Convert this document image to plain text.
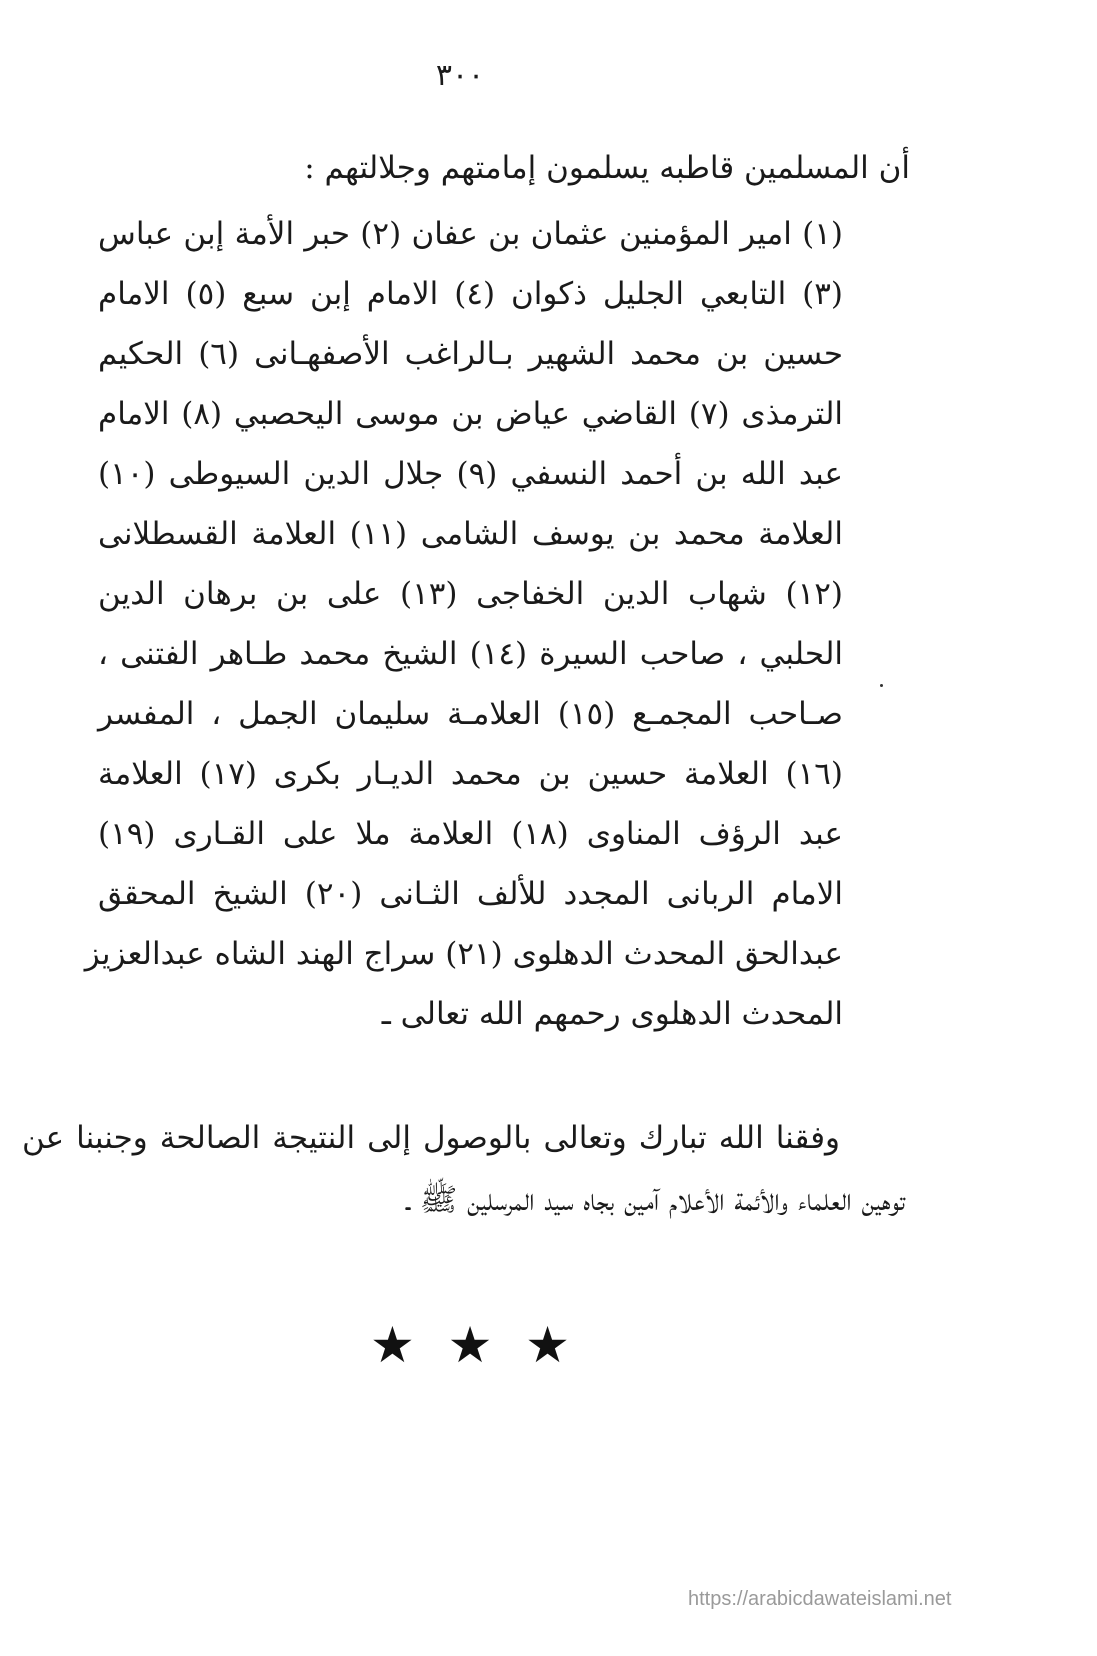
٣٠٠
أن المسلمين قاطبه يسلمون إمامتهم وجلالتهم :
(١) امير المؤمنين عثمان بن عفان (٢) حبر الأمة إبن عباس
(٣) التابعي الجليل ذكوان (٤) الامام إبن سبع (٥) الامام
حسين بن محمد الشهير بـالراغب الأصفهـانى (٦) الحكيم
الترمذى (٧) القاضي عياض بن موسى اليحصبي (٨) الامام
عبد الله بن أحمد النسفي (٩) جلال الدين السيوطى (١٠)
العلامة محمد بن يوسف الشامى (١١) العلامة القسطلانى
(١٢) شهاب الدين الخفاجى (١٣) على بن برهان الدين
الحلبي ، صاحب السيرة (١٤) الشيخ محمد طـاهر الفتنى ،
صـاحب المجمـع (١٥) العلامـة سليمان الجمل ، المفسر
(١٦) العلامة حسين بن محمد الديـار بكرى (١٧) العلامة
عبد الرؤف المناوى (١٨) العلامة ملا على القـارى (١٩)
الامام الربانى المجدد للألف الثـانى (٢٠) الشيخ المحقق
عبدالحق المحدث الدهلوى (٢١) سراج الهند الشاه عبدالعزيز
المحدث الدهلوى رحمهم الله تعالى ـ
وفقنا الله تبارك وتعالى بالوصول إلى النتيجة الصالحة وجنبنا عن
توهين العلماء والأئمة الأعلام آمين بجاه سيد المرسلين ﷺ ـ
★ ★ ★
https://arabicdawateislami.net
